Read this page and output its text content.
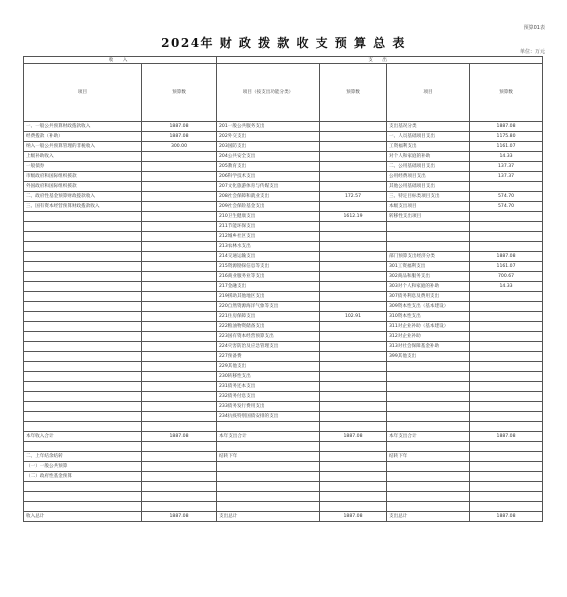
预算01表
2024年 财 政 拨 款 收 支 预 算 总 表
单位：万元
收 入		支 出			
项目	预算数	项目（按支出功能分类）	预算数	项目	预算数
一、一般公共预算财政拨款收入	1887.08	201一般公共服务支出		支出基况分类	1887.08
经费拨款（补助）	1887.08	202外交支出		一、人员基础项目支出	1175.80
纳入一般公共预算管理的非税收入	300.00	203国防支出		工资福利支出	1161.07
上级补助收入		204公共安全支出		对个人和家庭的补助	14.33
一般债券		205教育支出		二、公用基础项目支出	137.37
市级政府和国际组织援款		206科学技术支出		公用经费项目支出	137.37
外国政府和国际组织援款		207文化旅游体育与传媒支出		其他公用基础项目支出	
二、政府性基金预算财政拨款收入		208社会保障和就业支出	172.57	三、特定目标类项目支出	574.70
三、国有资本经营预算财政拨款收入		209社会保险基金支出		本级支出项目	574.70
		210卫生健康支出	1612.19	转移性支出项目	
		211节能环保支出			
		212城乡社区支出			
		213农林水支出			
		214交通运输支出		部门预算支出经济分类	1887.08
		215资源勘探信息等支出		301工资福利支出	1161.07
		216商业服务业等支出		302商品和服务支出	700.67
		217金融支出		303对个人和家庭的补助	14.33
		219援助其他地区支出		307债务利息及费用支出	
		220自然资源海洋气象等支出		309资本性支出（基本建设）	
		221住房保障支出	102.91	310资本性支出	
		222粮油物资储备支出		311对企业补助（基本建设）	
		223国有资本经营预算支出		312对企业补助	
		224灾害防治及应急管理支出		313对社会保障基金补助	
		227预备费		399其他支出	
		229其他支出			
		230转移性支出			
		231债务还本支出			
		232债务付息支出			
		233债务发行费用支出			
		234抗疫特别国债安排的支出			

本年收入合计	1887.08	本年支出合计	1887.08	本年支出合计	1887.08

二、上年结余结转		结转下年		结转下年	
（一）一般公共预算					
（二）政府性基金预算					

收入总计	1887.08	支出总计	1887.08	支出总计	1887.08
